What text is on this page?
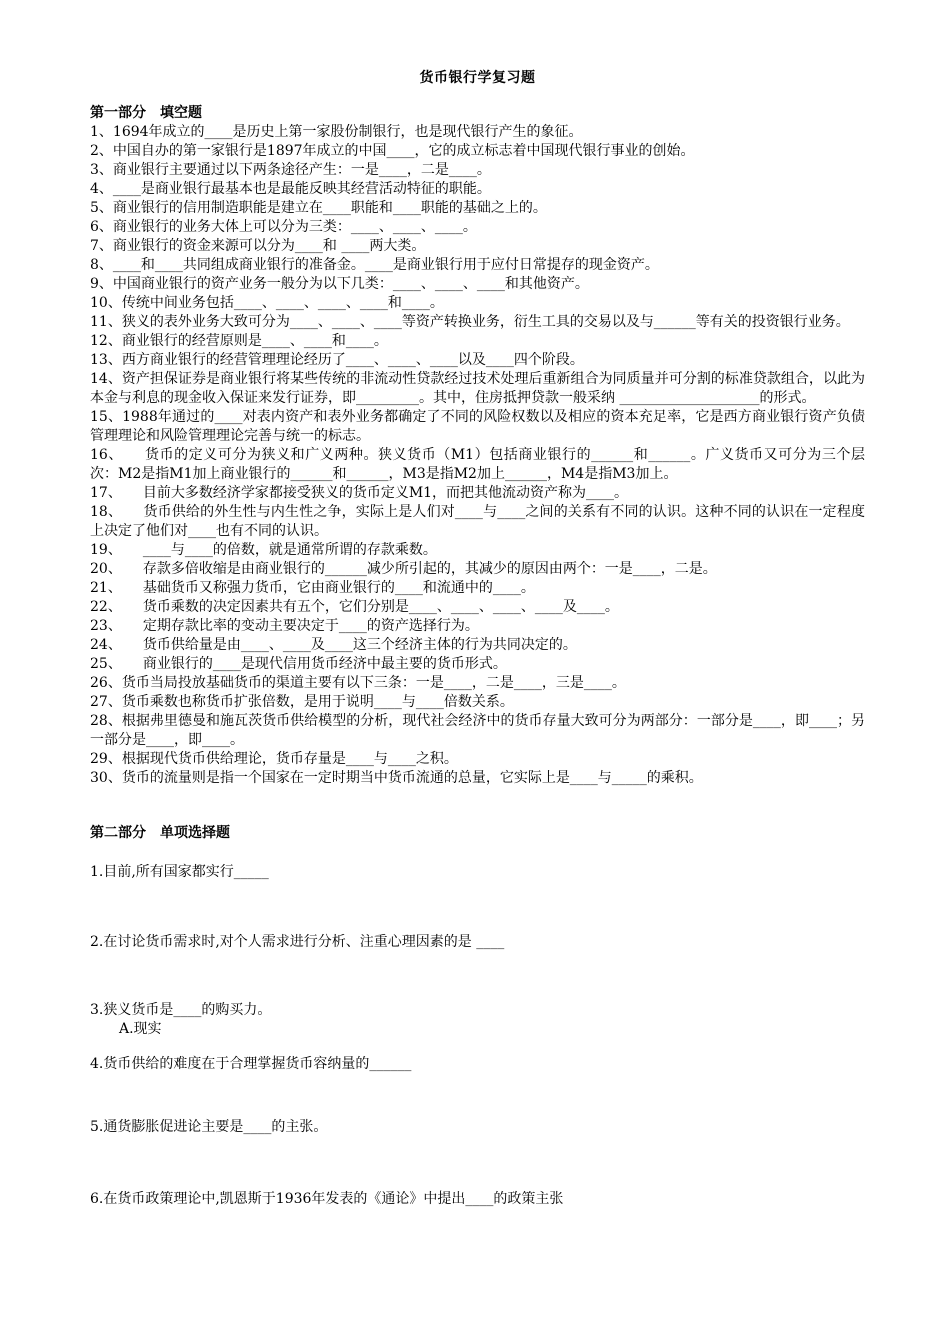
货币银行学复习题
第一部分　填空题

1、1694年成立的____是历史上第一家股份制银行，也是现代银行产生的象征。

2、中国自办的第一家银行是1897年成立的中国____，它的成立标志着中国现代银行事业的创始。

3、商业银行主要通过以下两条途径产生：一是____，二是____。

4、____是商业银行最基本也是最能反映其经营活动特征的职能。

5、商业银行的信用制造职能是建立在____职能和____职能的基础之上的。

6、商业银行的业务大体上可以分为三类：____、____、____。

7、商业银行的资金来源可以分为____和 ____两大类。

8、____和____共同组成商业银行的准备金。____是商业银行用于应付日常提存的现金资产。

9、中国商业银行的资产业务一般分为以下几类：____、____、____和其他资产。

10、传统中间业务包括____、____、____、____和____。

11、狭义的表外业务大致可分为____、____、____等资产转换业务，衍生工具的交易以及与______等有关的投资银行业务。

12、商业银行的经营原则是____、____和____。

13、西方商业银行的经营管理理论经历了____、____、____以及____四个阶段。

14、资产担保证券是商业银行将某些传统的非流动性贷款经过技术处理后重新组合为同质量并可分割的标准贷款组合，以此为本金与利息的现金收入保证来发行证券，即_________。其中，住房抵押贷款一般采纳 ____________________的形式。

15、1988年通过的____对表内资产和表外业务都确定了不同的风险权数以及相应的资本充足率，它是西方商业银行资产负债管理理论和风险管理理论完善与统一的标志。

16、　　货币的定义可分为狭义和广义两种。狭义货币（M1）包括商业银行的______和______。广义货币又可分为三个层次：M2是指M1加上商业银行的______和______，M3是指M2加上______，M4是指M3加上。

17、　　目前大多数经济学家都接受狭义的货币定义M1，而把其他流动资产称为____。

18、　　货币供给的外生性与内生性之争，实际上是人们对____与____之间的关系有不同的认识。这种不同的认识在一定程度上决定了他们对____也有不同的认识。

19、　　____与____的倍数，就是通常所谓的存款乘数。

20、　　存款多倍收缩是由商业银行的______减少所引起的，其减少的原因由两个：一是____，二是。

21、　　基础货币又称强力货币，它由商业银行的____和流通中的____。

22、　　货币乘数的决定因素共有五个，它们分别是____、____、____、____及____。

23、　　定期存款比率的变动主要决定于____的资产选择行为。

24、　　货币供给量是由____、____及____这三个经济主体的行为共同决定的。

25、　　商业银行的____是现代信用货币经济中最主要的货币形式。

26、货币当局投放基础货币的渠道主要有以下三条：一是____，二是____，三是____。

27、货币乘数也称货币扩张倍数，是用于说明____与____倍数关系。

28、根据弗里德曼和施瓦茨货币供给模型的分析，现代社会经济中的货币存量大致可分为两部分：一部分是____，即____；另一部分是____，即____。

29、根据现代货币供给理论，货币存量是____与____之积。

30、货币的流量则是指一个国家在一定时期当中货币流通的总量，它实际上是____与_____的乘积。

第二部分　单项选择题

1.目前,所有国家都实行_____

2.在讨论货币需求时,对个人需求进行分析、注重心理因素的是 ____

3.狭义货币是____的购买力。

A.现实

4.货币供给的难度在于合理掌握货币容纳量的______

5.通货膨胀促进论主要是____的主张。

6.在货币政策理论中,凯恩斯于1936年发表的《通论》中提出____的政策主张
